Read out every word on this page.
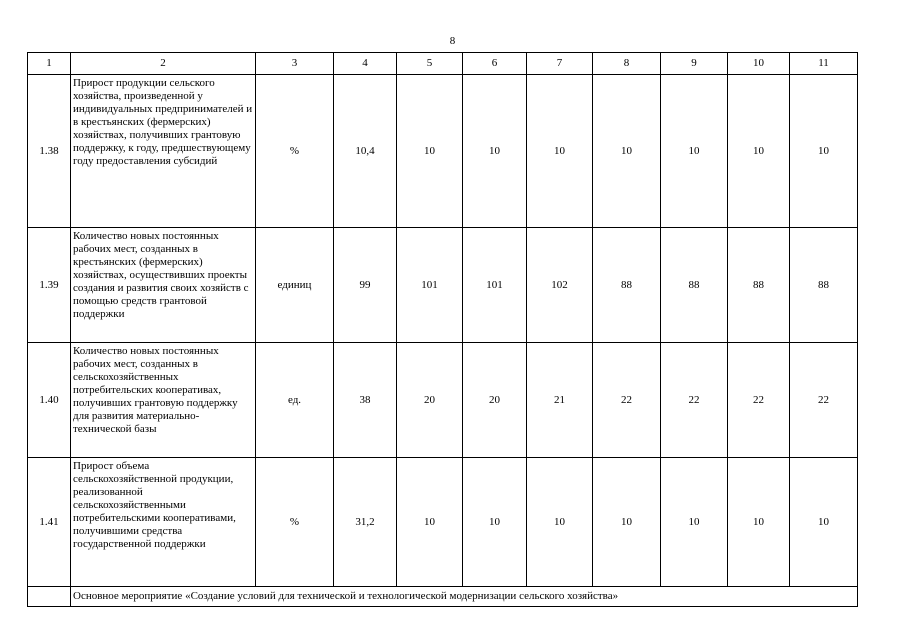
8
1	2	3	4	5	6	7	8	9	10	11
1.38	Прирост продукции сельского хозяйства, произведенной у индивидуальных предпринимателей и в крестьянских (фермерских) хозяйствах, получивших грантовую поддержку, к году, предшествующему году предоставления субсидий	%	10,4	10	10	10	10	10	10	10
1.39	Количество новых постоянных рабочих мест, созданных в крестьянских (фермерских) хозяйствах, осуществивших проекты создания и развития своих хозяйств с помощью средств грантовой поддержки	единиц	99	101	101	102	88	88	88	88
1.40	Количество новых постоянных рабочих мест, созданных в сельскохозяйственных потребительских кооперативах, получивших грантовую поддержку для развития материально-технической базы	ед.	38	20	20	21	22	22	22	22
1.41	Прирост объема сельскохозяйственной продукции, реализованной сельскохозяйственными потребительскими кооперативами, получившими средства государственной поддержки	%	31,2	10	10	10	10	10	10	10
	Основное мероприятие «Создание условий для технической и технологической модернизации сельского хозяйства»									
